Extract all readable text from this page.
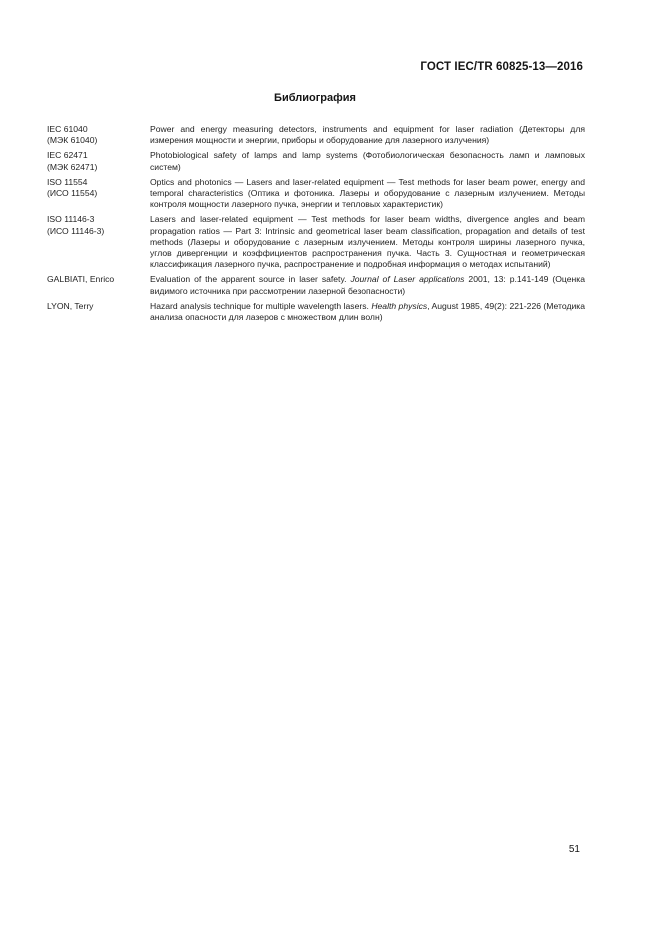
ГОСТ IEC/TR 60825-13—2016
Библиография
IEC 61040
(МЭК 61040)
Power and energy measuring detectors, instruments and equipment for laser radiation (Детекторы для измерения мощности и энергии, приборы и оборудование для лазерного излучения)
IEC 62471
(МЭК 62471)
Photobiological safety of lamps and lamp systems (Фотобиологическая безопасность ламп и ламповых систем)
ISO 11554
(ИСО 11554)
Optics and photonics — Lasers and laser-related equipment — Test methods for laser beam power, energy and temporal characteristics (Оптика и фотоника. Лазеры и оборудование с лазерным излучением. Методы контроля мощности лазерного пучка, энергии и тепловых характеристик)
ISO 11146-3
(ИСО 11146-3)
Lasers and laser-related equipment — Test methods for laser beam widths, divergence angles and beam propagation ratios — Part 3: Intrinsic and geometrical laser beam classification, propagation and details of test methods (Лазеры и оборудование с лазерным излучением. Методы контроля ширины лазерного пучка, углов дивергенции и коэффициентов распространения пучка. Часть 3. Сущностная и геометрическая классификация лазерного пучка, распространение и подробная информация о методах испытаний)
GALBIATI, Enrico	Evaluation of the apparent source in laser safety. Journal of Laser applications 2001, 13: p.141-149 (Оценка видимого источника при рассмотрении лазерной безопасности)
LYON, Terry	Hazard analysis technique for multiple wavelength lasers. Health physics, August 1985, 49(2): 221-226 (Методика анализа опасности для лазеров с множеством длин волн)
51
